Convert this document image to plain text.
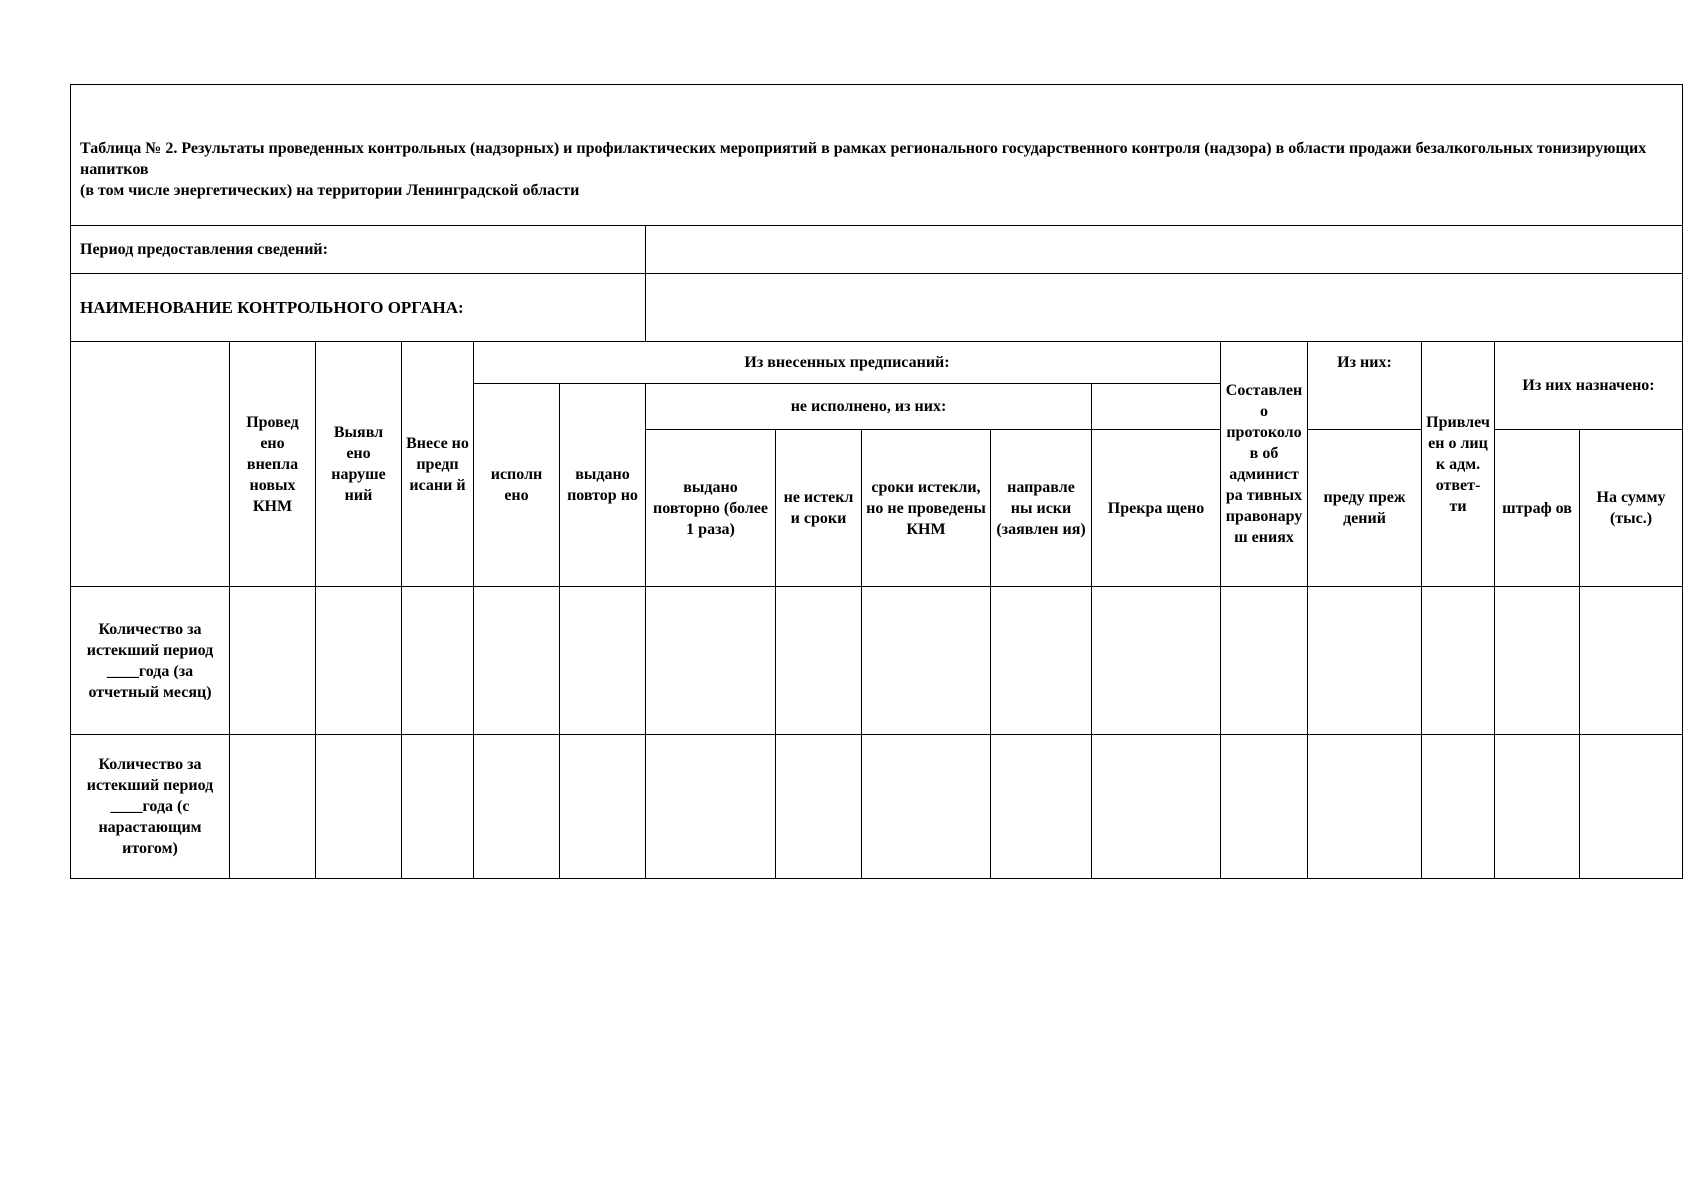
Таблица № 2. Результаты проведенных контрольных (надзорных) и профилактических мероприятий в рамках регионального государственного контроля (надзора) в области продажи безалкогольных тонизирующих напитков
(в том числе энергетических) на территории Ленинградской области															

Период предоставления сведений:															
НАИМЕНОВАНИЕ КОНТРОЛЬНОГО ОРГАНА:															
	Провед ено внепла новых КНМ	Выявл ено наруше ний	Внесе но предп исани й	Из внесенных предписаний:							Составлено протоколов об администра тивных правонаруш ениях	Из них:	Привлечен о лиц к адм. ответ- ти	Из них назначено:	
				исполн ено	выдано повтор но	не исполнено, из них:									
						выдано повторно (более 1 раза)	не истекл и сроки	сроки истекли, но не проведены КНМ	направле ны иски (заявлен ия)	Прекра щено		преду преж дений		штраф ов	На сумму (тыс.)
Количество за истекший период ____года (за отчетный месяц)															
Количество за истекший период ____года (с нарастающим итогом)															
